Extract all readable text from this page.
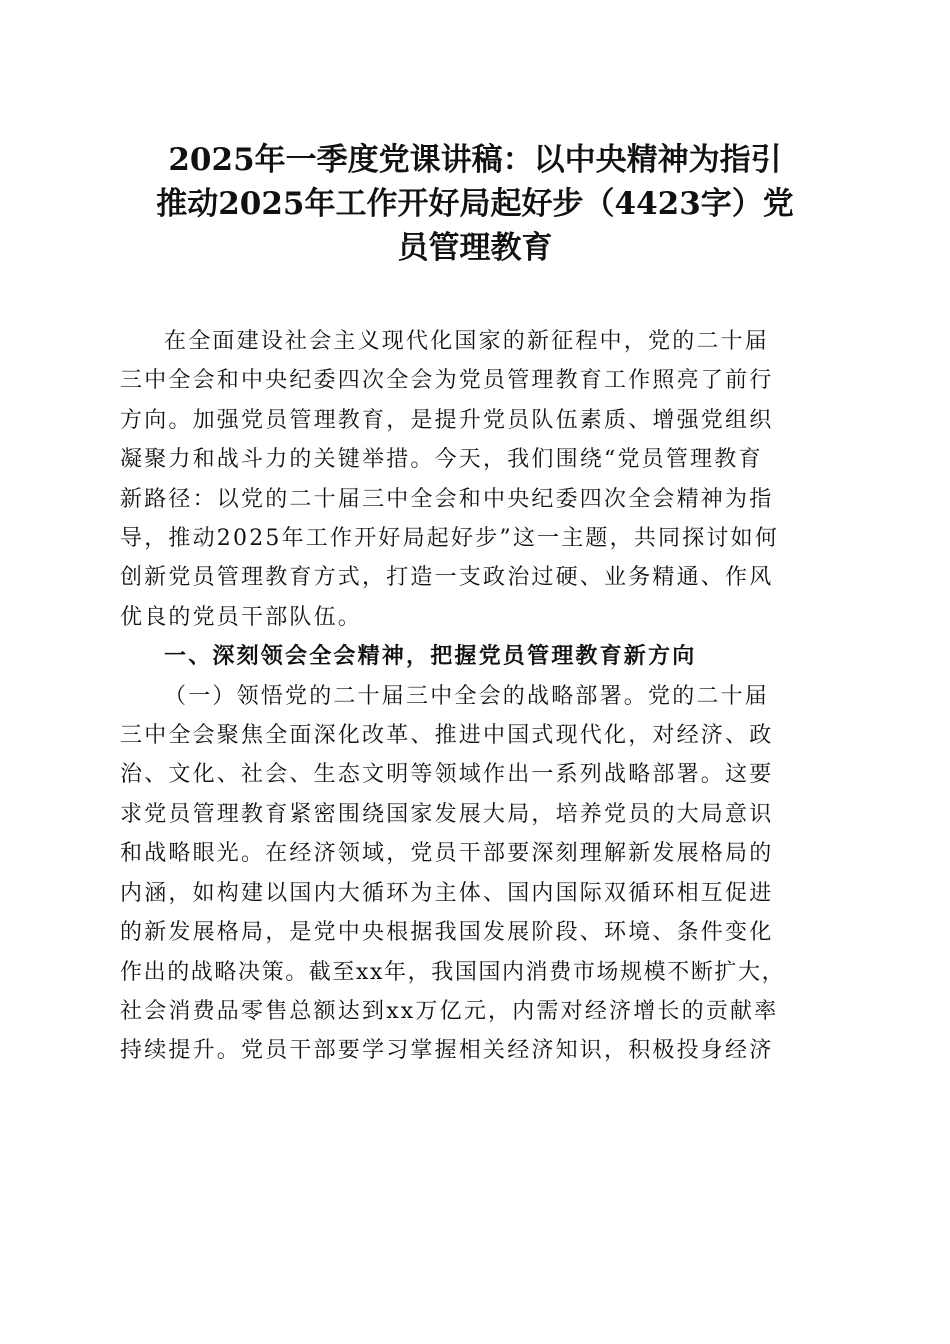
2025年一季度党课讲稿：以中央精神为指引
推动2025年工作开好局起好步（4423字）党
员管理教育

在全面建设社会主义现代化国家的新征程中，党的二十届
三中全会和中央纪委四次全会为党员管理教育工作照亮了前行
方向。加强党员管理教育，是提升党员队伍素质、增强党组织
凝聚力和战斗力的关键举措。今天，我们围绕“党员管理教育
新路径：以党的二十届三中全会和中央纪委四次全会精神为指
导，推动2025年工作开好局起好步”这一主题，共同探讨如何
创新党员管理教育方式，打造一支政治过硬、业务精通、作风
优良的党员干部队伍。

一、深刻领会全会精神，把握党员管理教育新方向

（一）领悟党的二十届三中全会的战略部署。党的二十届
三中全会聚焦全面深化改革、推进中国式现代化，对经济、政
治、文化、社会、生态文明等领域作出一系列战略部署。这要
求党员管理教育紧密围绕国家发展大局，培养党员的大局意识
和战略眼光。在经济领域，党员干部要深刻理解新发展格局的
内涵，如构建以国内大循环为主体、国内国际双循环相互促进
的新发展格局，是党中央根据我国发展阶段、环境、条件变化
作出的战略决策。截至xx年，我国国内消费市场规模不断扩大，
社会消费品零售总额达到xx万亿元，内需对经济增长的贡献率
持续提升。党员干部要学习掌握相关经济知识，积极投身经济
